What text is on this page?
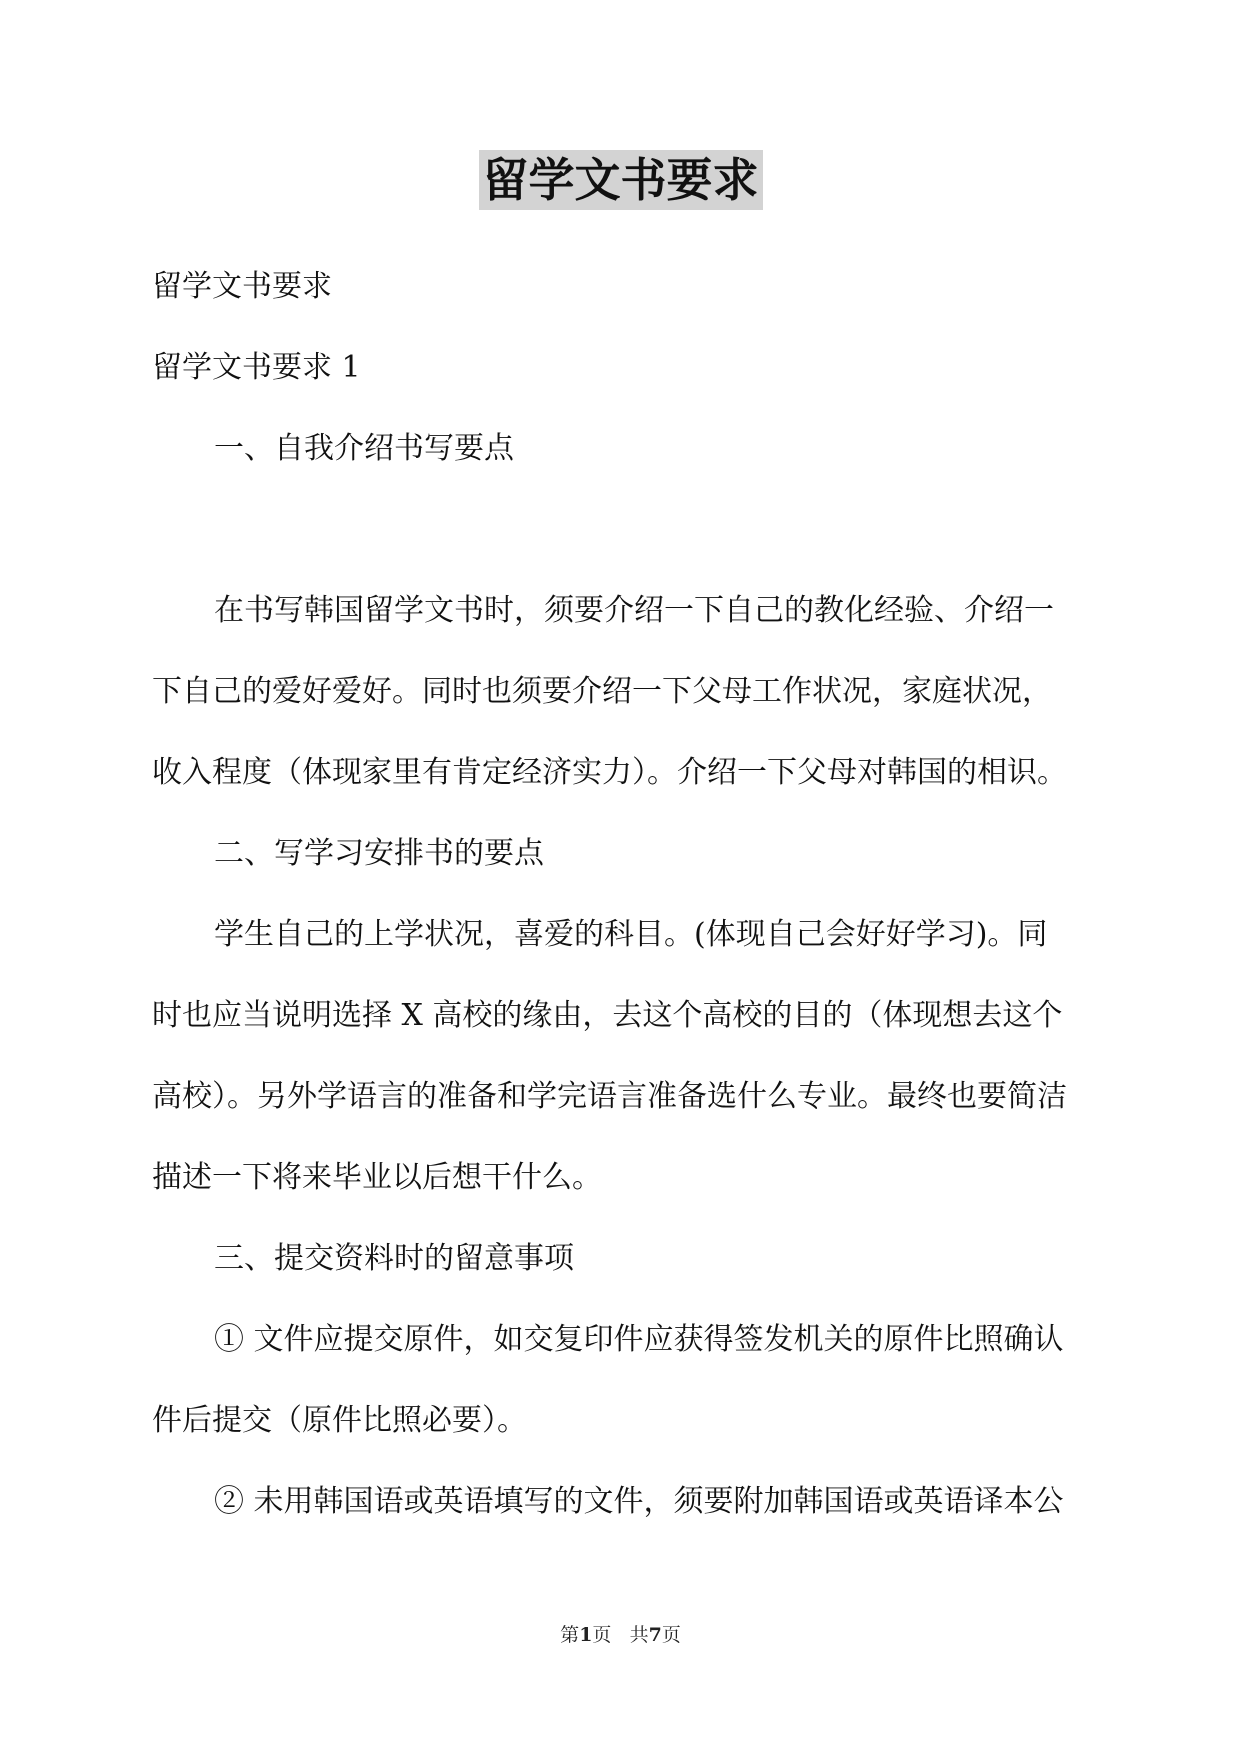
留学文书要求
留学文书要求
留学文书要求 1
一、自我介绍书写要点
在书写韩国留学文书时，须要介绍一下自己的教化经验、介绍一
下自己的爱好爱好。同时也须要介绍一下父母工作状况，家庭状况，
收入程度（体现家里有肯定经济实力）。介绍一下父母对韩国的相识。
二、写学习安排书的要点
学生自己的上学状况，喜爱的科目。(体现自己会好好学习)。同
时也应当说明选择 X 高校的缘由，去这个高校的目的（体现想去这个
高校）。另外学语言的准备和学完语言准备选什么专业。最终也要简洁
描述一下将来毕业以后想干什么。
三、提交资料时的留意事项
① 文件应提交原件，如交复印件应获得签发机关的原件比照确认
件后提交（原件比照必要）。
② 未用韩国语或英语填写的文件，须要附加韩国语或英语译本公
第1页 共7页
